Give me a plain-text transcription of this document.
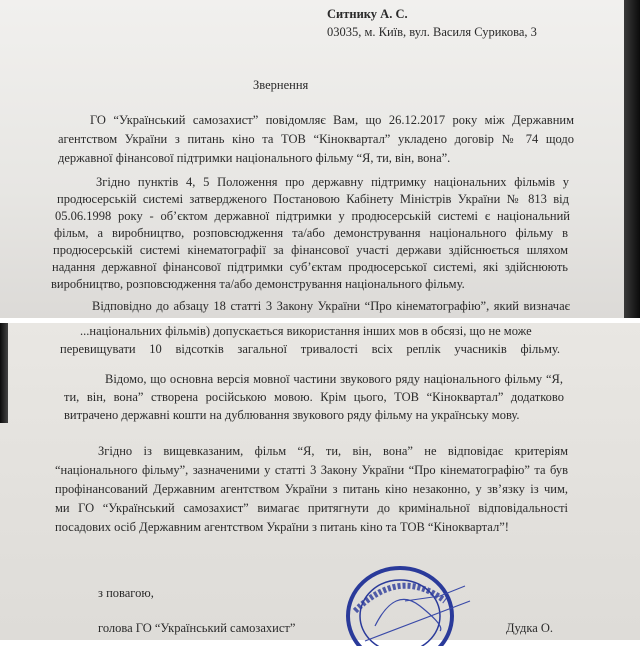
Ситнику А. С.
03035, м. Київ, вул. Василя Сурикова, 3
Звернення
ГО “Український самозахист” повідомляє Вам, що 26.12.2017 року між Державним
агентством України з питань кіно та ТОВ “Кіноквартал” укладено договір № 74 щодо
державної фінансової підтримки національного фільму “Я, ти, він, вона”.
Згідно пунктів 4, 5 Положення про державну підтримку національних фільмів у
продюсерській системі затвердженого Постановою Кабінету Міністрів України № 813 від
05.06.1998 року - об’єктом державної підтримки у продюсерській системі є національний
фільм, а виробництво, розповсюдження та/або демонстрування національного фільму в
продюсерській системі кінематографії за фінансової участі держави здійснюється шляхом
надання державної фінансової підтримки суб’єктам продюсерської системі, які здійснюють
виробництво, розповсюдження та/або демонстрування національного фільму.
Відповідно до абзацу 18 статті 3 Закону України “Про кінематографію”, який визначає
...національних фільмів) допускається використання інших мов в обсязі, що не може
перевищувати 10 відсотків загальної тривалості всіх реплік учасників фільму.
Відомо, що основна версія мовної частини звукового ряду національного фільму “Я,
ти, він, вона” створена російською мовою. Крім цього, ТОВ “Кіноквартал” додатково
витрачено державні кошти на дублювання звукового ряду фільму на українську мову.
Згідно із вищевказаним, фільм “Я, ти, він, вона” не відповідає критеріям
“національного фільму”, зазначеними у статті 3 Закону України “Про кінематографію” та був
профінансований Державним агентством України з питань кіно незаконно, у зв’язку із чим,
ми ГО “Український самозахист” вимагає притягнути до кримінальної відповідальності
посадових осіб Державним агентством України з питань кіно та ТОВ “Кіноквартал”!
з повагою,
голова ГО “Український самозахист”	Дудка О.
